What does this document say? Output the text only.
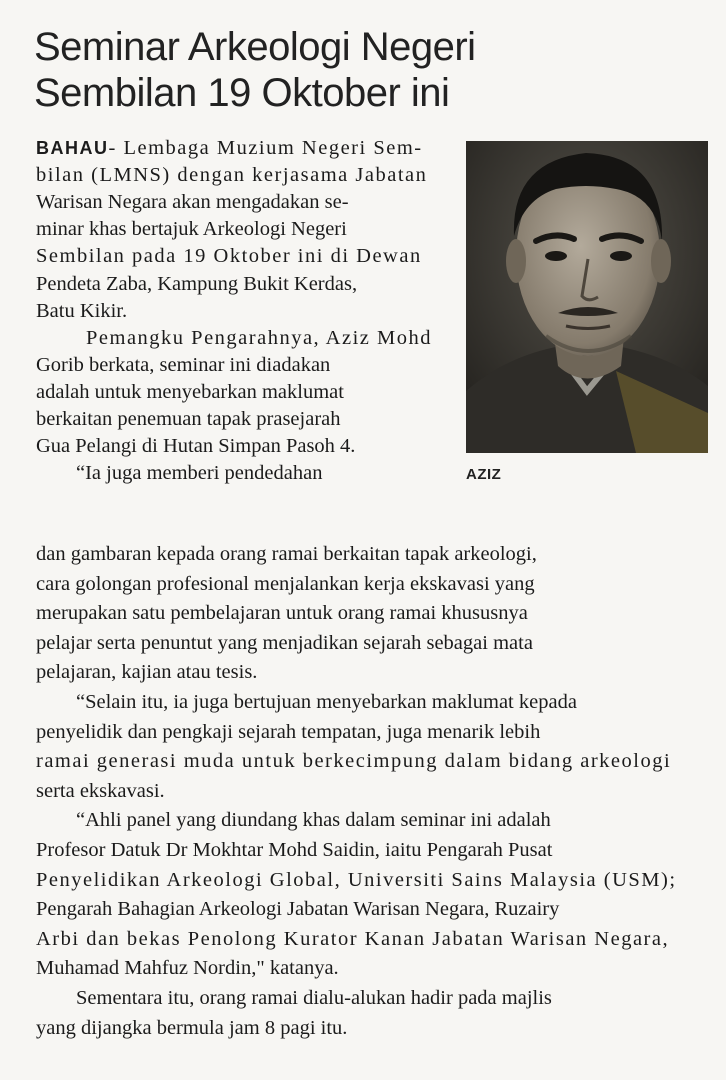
Seminar Arkeologi Negeri
Sembilan 19 Oktober ini
AZIZ
BAHAU- Lembaga Muzium Negeri Sem-
bilan (LMNS) dengan kerjasama Jabatan
Warisan Negara akan mengadakan se-
minar khas bertajuk Arkeologi Negeri
Sembilan pada 19 Oktober ini di Dewan
Pendeta Zaba, Kampung Bukit Kerdas,
Batu Kikir.
Pemangku Pengarahnya, Aziz Mohd
Gorib berkata, seminar ini diadakan
adalah untuk menyebarkan maklumat
berkaitan penemuan tapak prasejarah
Gua Pelangi di Hutan Simpan Pasoh 4.
“Ia juga memberi pendedahan
dan gambaran kepada orang ramai berkaitan tapak arkeologi,
cara golongan profesional menjalankan kerja ekskavasi yang
merupakan satu pembelajaran untuk orang ramai khususnya
pelajar serta penuntut yang menjadikan sejarah sebagai mata
pelajaran, kajian atau tesis.
“Selain itu, ia juga bertujuan menyebarkan maklumat kepada
penyelidik dan pengkaji sejarah tempatan, juga menarik lebih
ramai generasi muda untuk berkecimpung dalam bidang arkeologi
serta ekskavasi.
“Ahli panel yang diundang khas dalam seminar ini adalah
Profesor Datuk Dr Mokhtar Mohd Saidin, iaitu Pengarah Pusat
Penyelidikan Arkeologi Global, Universiti Sains Malaysia (USM);
Pengarah Bahagian Arkeologi Jabatan Warisan Negara, Ruzairy
Arbi dan bekas Penolong Kurator Kanan Jabatan Warisan Negara,
Muhamad Mahfuz Nordin," katanya.
Sementara itu, orang ramai dialu-alukan hadir pada majlis
yang dijangka bermula jam 8 pagi itu.
